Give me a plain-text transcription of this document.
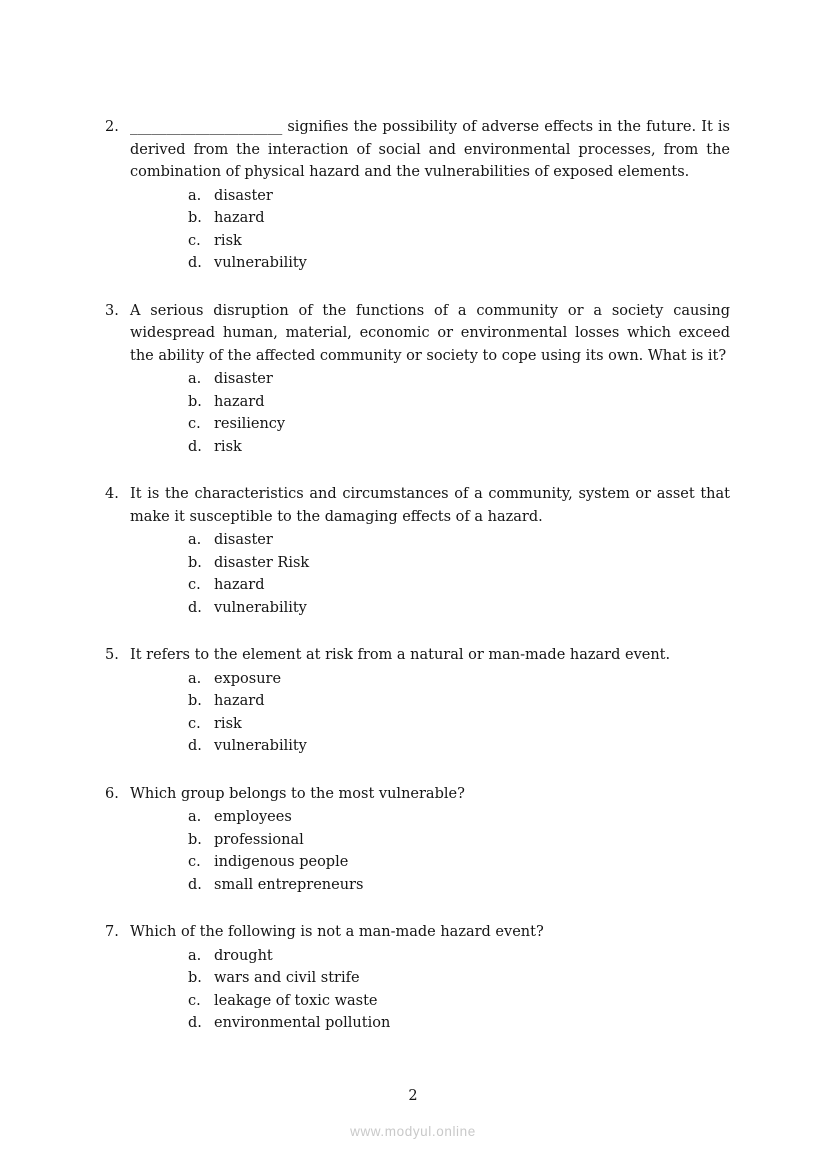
2. _____________________ signifies the possibility of adverse effects in the future. It is derived from the interaction of social and environmental processes, from the combination of physical hazard and the vulnerabilities of exposed elements.
a. disaster
b. hazard
c. risk
d. vulnerability
3. A serious disruption of the functions of a community or a society causing widespread human, material, economic or environmental losses which exceed the ability of the affected community or society to cope using its own. What is it?
a. disaster
b. hazard
c. resiliency
d. risk
4. It is the characteristics and circumstances of a community, system or asset that make it susceptible to the damaging effects of a hazard.
a. disaster
b. disaster Risk
c. hazard
d. vulnerability
5. It refers to the element at risk from a natural or man-made hazard event.
a. exposure
b. hazard
c. risk
d. vulnerability
6. Which group belongs to the most vulnerable?
a. employees
b. professional
c. indigenous people
d. small entrepreneurs
7. Which of the following is not a man-made hazard event?
a. drought
b. wars and civil strife
c. leakage of toxic waste
d. environmental pollution
2
www.modyul.online
